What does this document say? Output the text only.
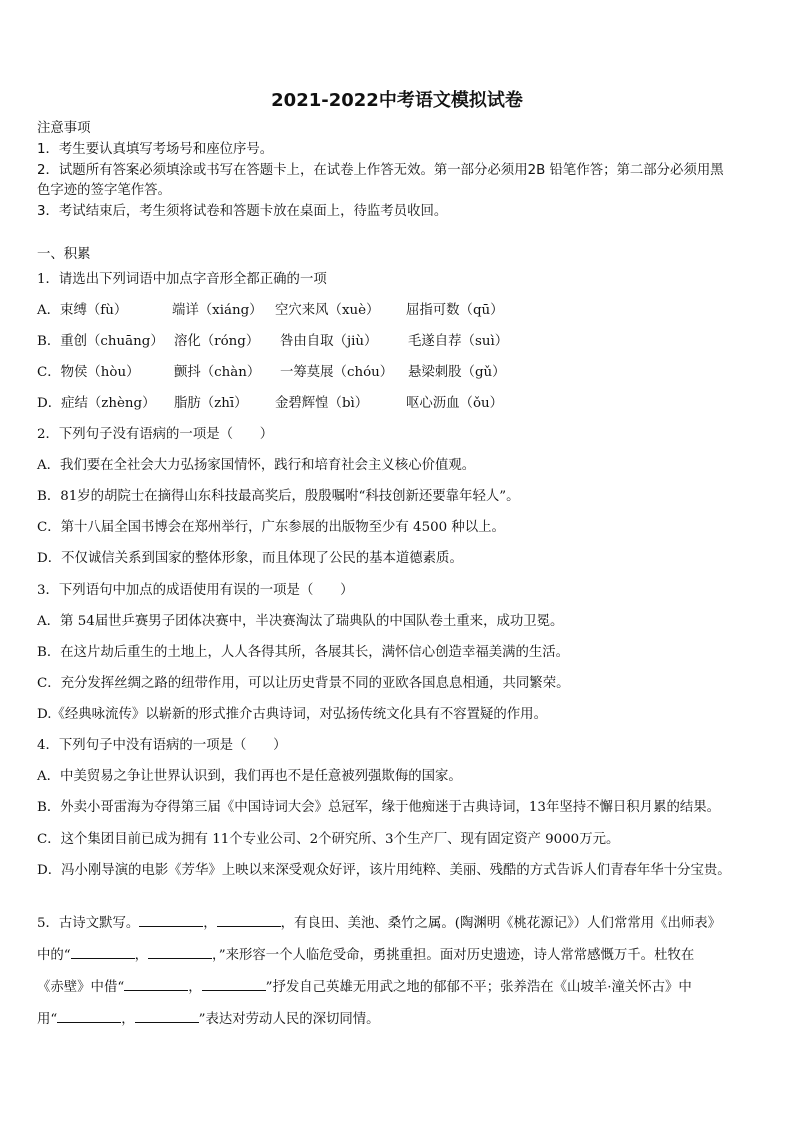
2021-2022中考语文模拟试卷
注意事项
1．考生要认真填写考场号和座位序号。
2．试题所有答案必须填涂或书写在答题卡上，在试卷上作答无效。第一部分必须用2B 铅笔作答；第二部分必须用黑
色字迹的签字笔作答。
3．考试结束后，考生须将试卷和答题卡放在桌面上，待监考员收回。
一、积累
1．请选出下列词语中加点字音形全都正确的一项
A．束缚（fù）	端详（xiáng） 空穴来风（xuè） 屈指可数（qū）
B．重创（chuāng） 溶化（róng） 咎由自取（jiù） 毛遂自荐（suì）
C．物侯（hòu）	颤抖（chàn） 一筹莫展（chóu） 悬梁刺股（gǔ）
D．症结（zhèng） 脂肪（zhī） 金碧辉惶（bì）	呕心沥血（ǒu）
2．下列句子没有语病的一项是（　　）
A．我们要在全社会大力弘扬家国情怀，践行和培育社会主义核心价值观。
B．81岁的胡院士在摘得山东科技最高奖后，殷殷嘱咐“科技创新还要靠年轻人”。
C．第十八届全国书博会在郑州举行，广东参展的出版物至少有 4500 种以上。
D．不仅诚信关系到国家的整体形象，而且体现了公民的基本道德素质。
3．下列语句中加点的成语使用有误的一项是（　　）
A．第 54届世乒赛男子团体决赛中，半决赛淘汰了瑞典队的中国队卷土重来，成功卫冕。
B．在这片劫后重生的土地上，人人各得其所，各展其长，满怀信心创造幸福美满的生活。
C．充分发挥丝绸之路的纽带作用，可以让历史背景不同的亚欧各国息息相通，共同繁荣。
D.《经典咏流传》以崭新的形式推介古典诗词，对弘扬传统文化具有不容置疑的作用。
4．下列句子中没有语病的一项是（　　）
A．中美贸易之争让世界认识到，我们再也不是任意被列强欺侮的国家。
B．外卖小哥雷海为夺得第三届《中国诗词大会》总冠军，缘于他痴迷于古典诗词，13年坚持不懈日积月累的结果。
C．这个集团目前已成为拥有 11个专业公司、2个研究所、3个生产厂、现有固定资产 9000万元。
D．冯小刚导演的电影《芳华》上映以来深受观众好评，该片用纯粹、美丽、残酷的方式告诉人们青春年华十分宝贵。
5．古诗文默写。	，	，有良田、美池、桑竹之属。(陶渊明《桃花源记》）人们常常用《出师表》
中的“	，	，”来形容一个人临危受命，勇挑重担。面对历史遗迹，诗人常常感慨万千。杜牧在
《赤壁》中借“	，	”抒发自己英雄无用武之地的郁郁不平；张养浩在《山坡羊·潼关怀古》中
用“	，	”表达对劳动人民的深切同情。
